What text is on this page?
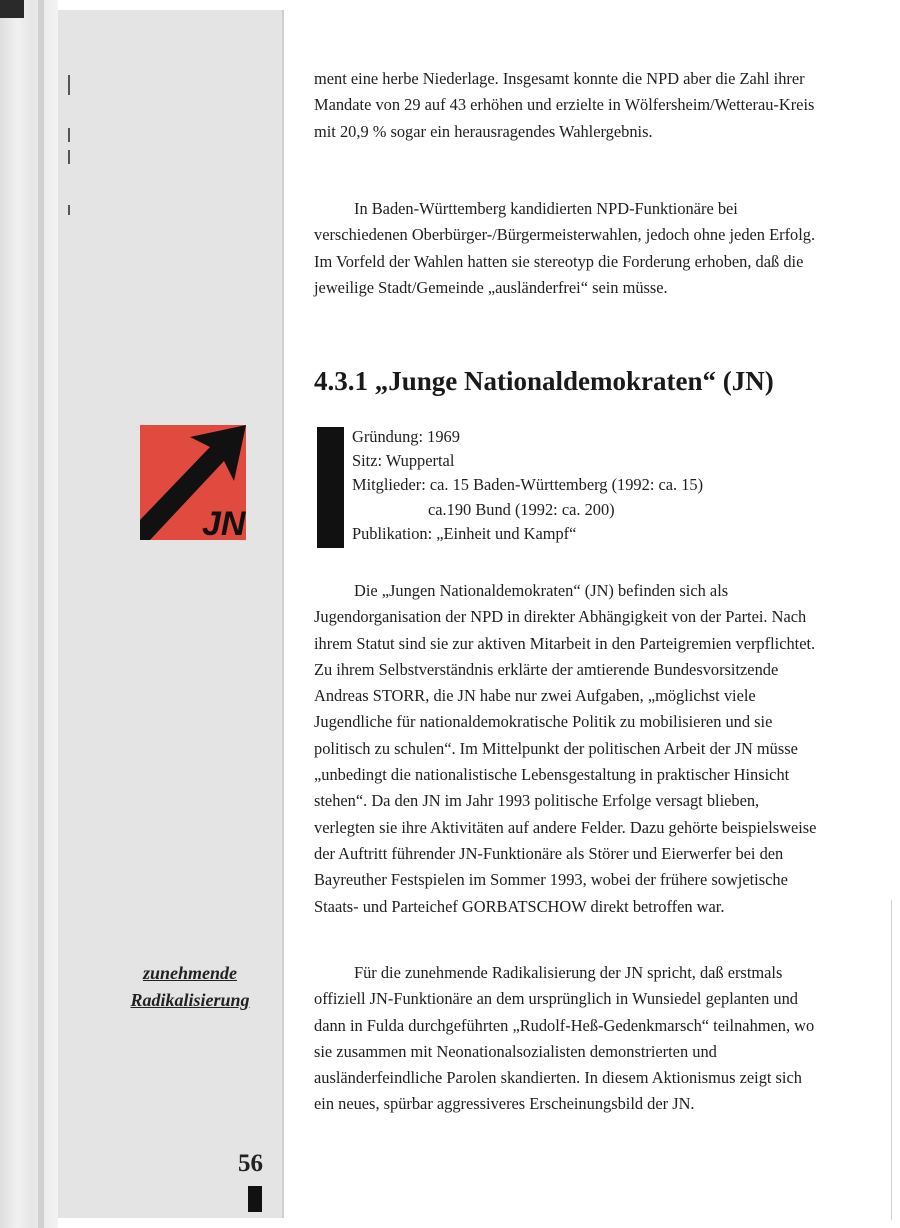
JN
zunehmende
Radikalisierung
56

ment eine herbe Niederlage. Insgesamt konnte die NPD aber die Zahl ihrer Mandate von 29 auf 43 erhöhen und erzielte in Wölfersheim/Wetterau-Kreis mit 20,9 % sogar ein herausragendes Wahlergebnis.

In Baden-Württemberg kandidierten NPD-Funktionäre bei verschiedenen Oberbürger-/Bürgermeisterwahlen, jedoch ohne jeden Erfolg. Im Vorfeld der Wahlen hatten sie stereotyp die Forderung erhoben, daß die jeweilige Stadt/Gemeinde „ausländerfrei“ sein müsse.

4.3.1 „Junge Nationaldemokraten“ (JN)
Gründung: 1969
Sitz: Wuppertal
Mitglieder: ca. 15 Baden-Württemberg (1992: ca. 15)
ca.190 Bund (1992: ca. 200)
Publikation: „Einheit und Kampf“

Die „Jungen Nationaldemokraten“ (JN) befinden sich als Jugendorganisation der NPD in direkter Abhängigkeit von der Partei. Nach ihrem Statut sind sie zur aktiven Mitarbeit in den Parteigremien verpflichtet. Zu ihrem Selbstverständnis erklärte der amtierende Bundesvorsitzende Andreas STORR, die JN habe nur zwei Aufgaben, „möglichst viele Jugendliche für nationaldemokratische Politik zu mobilisieren und sie politisch zu schulen“. Im Mittelpunkt der politischen Arbeit der JN müsse „unbedingt die nationalistische Lebensgestaltung in praktischer Hinsicht stehen“. Da den JN im Jahr 1993 politische Erfolge versagt blieben, verlegten sie ihre Aktivitäten auf andere Felder. Dazu gehörte beispielsweise der Auftritt führender JN-Funktionäre als Störer und Eierwerfer bei den Bayreuther Festspielen im Sommer 1993, wobei der frühere sowjetische Staats- und Parteichef GORBATSCHOW direkt betroffen war.

Für die zunehmende Radikalisierung der JN spricht, daß erstmals offiziell JN-Funktionäre an dem ursprünglich in Wunsiedel geplanten und dann in Fulda durchgeführten „Rudolf-Heß-Gedenkmarsch“ teilnahmen, wo sie zusammen mit Neonationalsozialisten demonstrierten und ausländerfeindliche Parolen skandierten. In diesem Aktionismus zeigt sich ein neues, spürbar aggressiveres Erscheinungsbild der JN.
